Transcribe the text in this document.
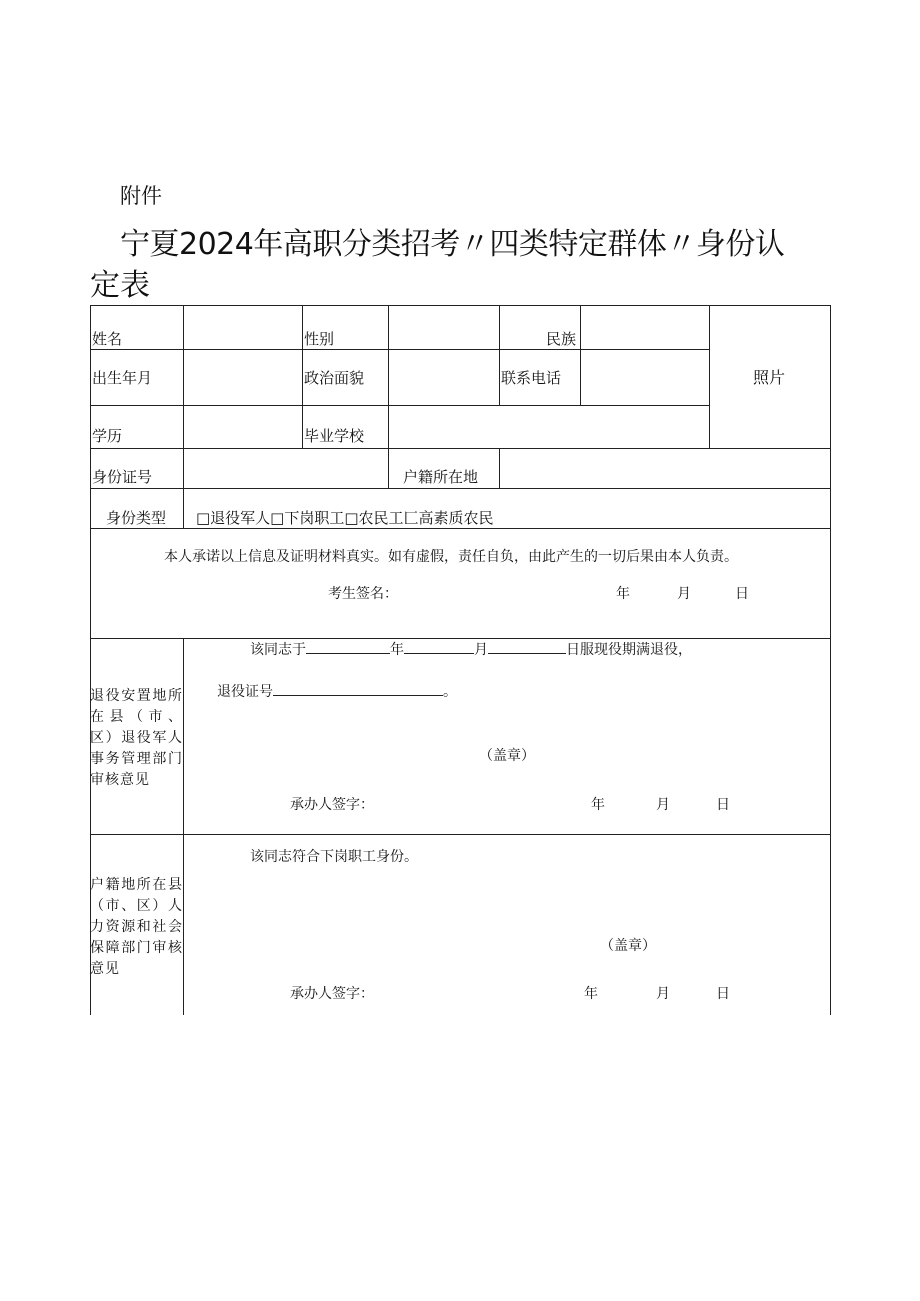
附件
宁夏2024年高职分类招考〃四类特定群体〃身份认
定表
姓名	性别	民族
照片
出生年月	政治面貌	联系电话
学历	毕业学校
身份证号	户籍所在地
身份类型 □退役军人□下岗职工□农民工匚高素质农民
本人承诺以上信息及证明材料真实。如有虚假，责任自负，由此产生的一切后果由本人负责。
考生签名：	年	月	日
退役安置地所在县（市、区）退役军人事务管理部门审核意见
该同志于	年	月	日服现役期满退役，
退役证号	。
（盖章）
承办人签字：	年	月	日
户籍地所在县（市、区）人力资源和社会保障部门审核意见
该同志符合下岗职工身份。
（盖章）
承办人签字：	年	月	日
